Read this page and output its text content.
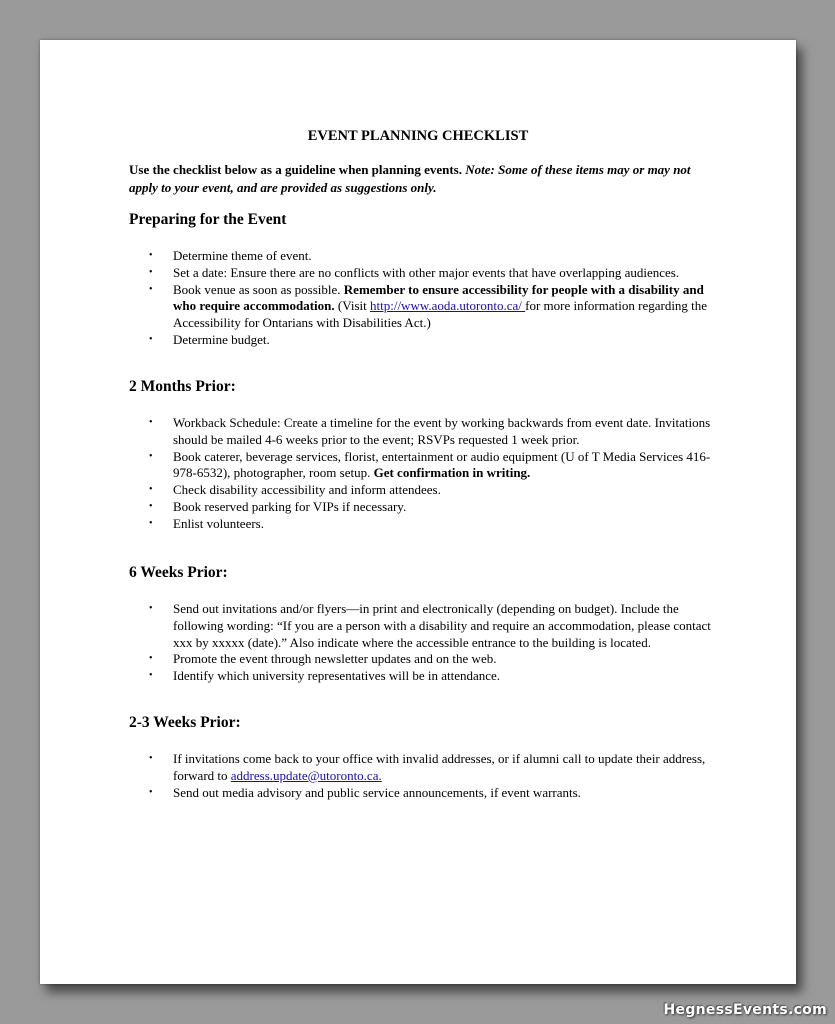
EVENT PLANNING CHECKLIST
Use the checklist below as a guideline when planning events. Note: Some of these items may or may not apply to your event, and are provided as suggestions only.
Preparing for the Event
• Determine theme of event.
• Set a date: Ensure there are no conflicts with other major events that have overlapping audiences.
• Book venue as soon as possible. Remember to ensure accessibility for people with a disability and who require accommodation. (Visit http://www.aoda.utoronto.ca/ for more information regarding the Accessibility for Ontarians with Disabilities Act.)
• Determine budget.
2 Months Prior:
• Workback Schedule: Create a timeline for the event by working backwards from event date. Invitations should be mailed 4-6 weeks prior to the event; RSVPs requested 1 week prior.
• Book caterer, beverage services, florist, entertainment or audio equipment (U of T Media Services 416-978-6532), photographer, room setup. Get confirmation in writing.
• Check disability accessibility and inform attendees.
• Book reserved parking for VIPs if necessary.
• Enlist volunteers.
6 Weeks Prior:
• Send out invitations and/or flyers—in print and electronically (depending on budget). Include the following wording: “If you are a person with a disability and require an accommodation, please contact xxx by xxxxx (date).” Also indicate where the accessible entrance to the building is located.
• Promote the event through newsletter updates and on the web.
• Identify which university representatives will be in attendance.
2-3 Weeks Prior:
• If invitations come back to your office with invalid addresses, or if alumni call to update their address, forward to address.update@utoronto.ca.
• Send out media advisory and public service announcements, if event warrants.
HegnessEvents.com
